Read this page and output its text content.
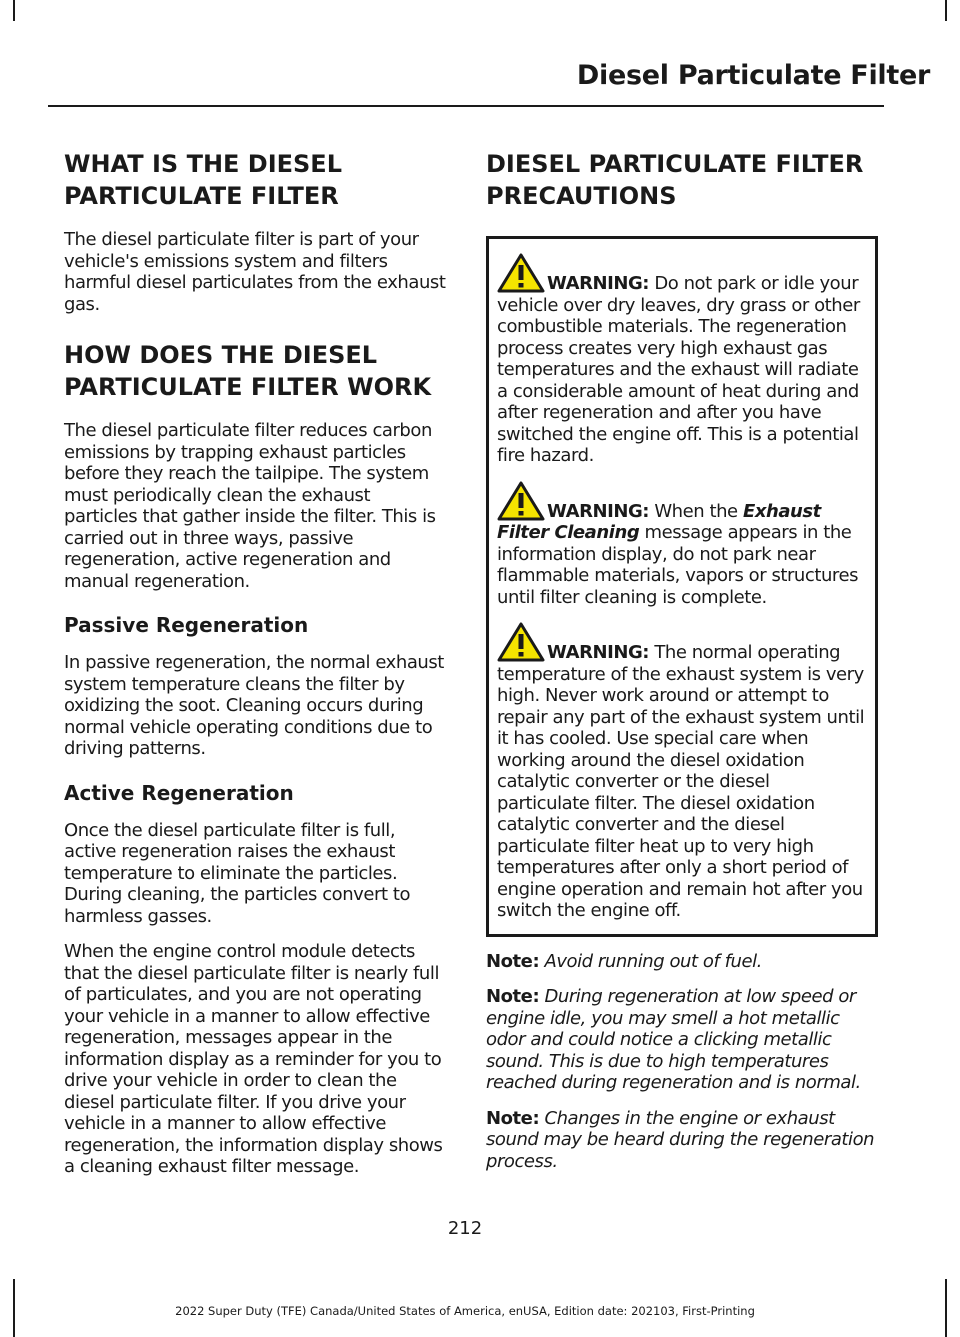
Diesel Particulate Filter
WHAT IS THE DIESEL PARTICULATE FILTER

The diesel particulate filter is part of your vehicle's emissions system and filters harmful diesel particulates from the exhaust gas.

HOW DOES THE DIESEL PARTICULATE FILTER WORK

The diesel particulate filter reduces carbon emissions by trapping exhaust particles before they reach the tailpipe. The system must periodically clean the exhaust particles that gather inside the filter. This is carried out in three ways, passive regeneration, active regeneration and manual regeneration.

Passive Regeneration

In passive regeneration, the normal exhaust system temperature cleans the filter by oxidizing the soot. Cleaning occurs during normal vehicle operating conditions due to driving patterns.

Active Regeneration

Once the diesel particulate filter is full, active regeneration raises the exhaust temperature to eliminate the particles. During cleaning, the particles convert to harmless gasses.

When the engine control module detects that the diesel particulate filter is nearly full of particulates, and you are not operating your vehicle in a manner to allow effective regeneration, messages appear in the information display as a reminder for you to drive your vehicle in order to clean the diesel particulate filter. If you drive your vehicle in a manner to allow effective regeneration, the information display shows a cleaning exhaust filter message.

DIESEL PARTICULATE FILTER PRECAUTIONS

WARNING: Do not park or idle your vehicle over dry leaves, dry grass or other combustible materials. The regeneration process creates very high exhaust gas temperatures and the exhaust will radiate a considerable amount of heat during and after regeneration and after you have switched the engine off. This is a potential fire hazard.

WARNING: When the Exhaust Filter Cleaning message appears in the information display, do not park near flammable materials, vapors or structures until filter cleaning is complete.

WARNING: The normal operating temperature of the exhaust system is very high. Never work around or attempt to repair any part of the exhaust system until it has cooled. Use special care when working around the diesel oxidation catalytic converter or the diesel particulate filter. The diesel oxidation catalytic converter and the diesel particulate filter heat up to very high temperatures after only a short period of engine operation and remain hot after you switch the engine off.

Note: Avoid running out of fuel.

Note: During regeneration at low speed or engine idle, you may smell a hot metallic odor and could notice a clicking metallic sound. This is due to high temperatures reached during regeneration and is normal.

Note: Changes in the engine or exhaust sound may be heard during the regeneration process.

212
2022 Super Duty (TFE) Canada/United States of America, enUSA, Edition date: 202103, First-Printing
